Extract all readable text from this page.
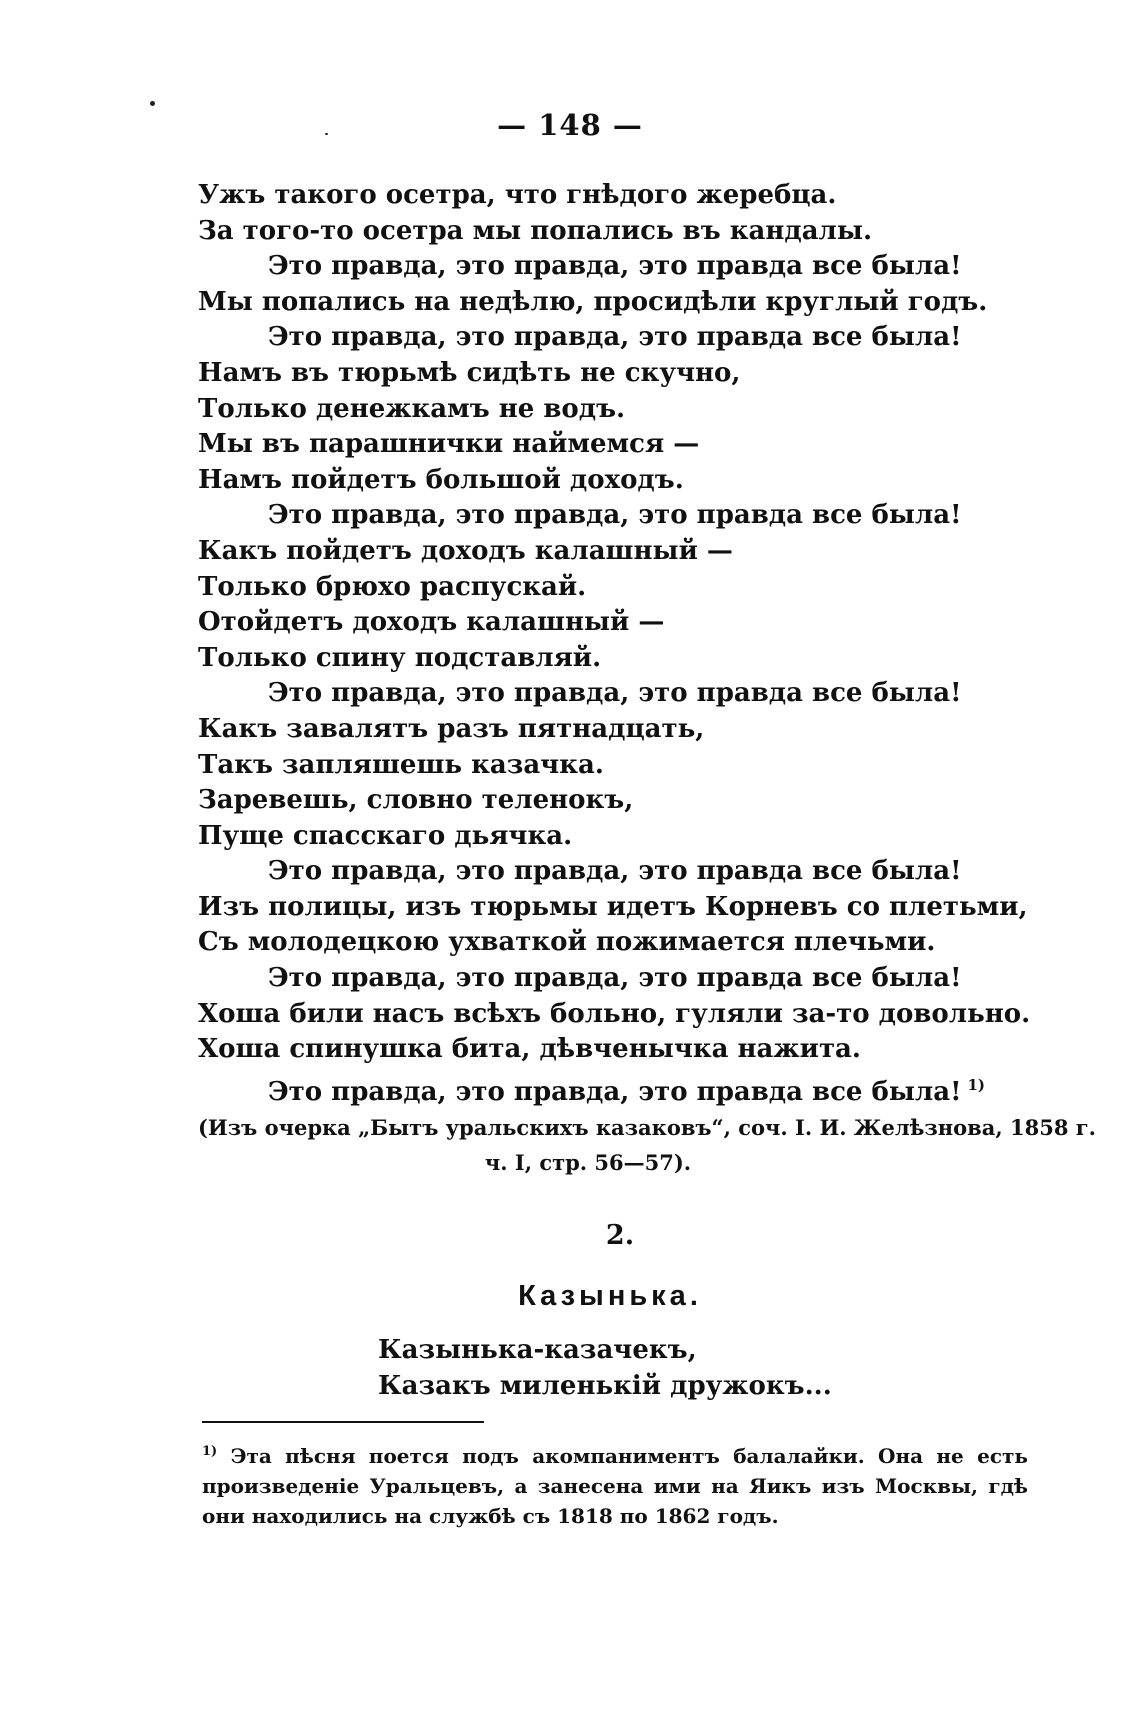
— 148 —
Ужъ такого осетра, что гнѣдого жеребца.
За того-то осетра мы попались въ кандалы.
Это правда, это правда, это правда все была!
Мы попались на недѣлю, просидѣли круглый годъ.
Это правда, это правда, это правда все была!
Намъ въ тюрьмѣ сидѣть не скучно,
Только денежкамъ не водъ.
Мы въ парашнички наймемся —
Намъ пойдетъ большой доходъ.
Это правда, это правда, это правда все была!
Какъ пойдетъ доходъ калашный —
Только брюхо распускай.
Отойдетъ доходъ калашный —
Только спину подставляй.
Это правда, это правда, это правда все была!
Какъ завалятъ разъ пятнадцать,
Такъ запляшешь казачка.
Заревешь, словно теленокъ,
Пуще спасскаго дьячка.
Это правда, это правда, это правда все была!
Изъ полицы, изъ тюрьмы идетъ Корневъ со плетьми,
Съ молодецкою ухваткой пожимается плечьми.
Это правда, это правда, это правда все была!
Хоша били насъ всѣхъ больно, гуляли за-то довольно.
Хоша спинушка бита, дѣвченычка нажита.
Это правда, это правда, это правда все была! $^{1)}$
(Изъ очерка „Бытъ уральскихъ казаковъ“, соч. І. И. Желѣзнова, 1858 г.
ч. I, стр. 56—57).
2.
Казынька.
Казынька-казачекъ,
Казакъ миленькій дружокъ...
$^{1)}$ Эта пѣсня поется подъ акомпаниментъ балалайки. Она не есть произведеніе Уральцевъ, а занесена ими на Яикъ изъ Москвы, гдѣ они находились на службѣ съ 1818 по 1862 годъ.
